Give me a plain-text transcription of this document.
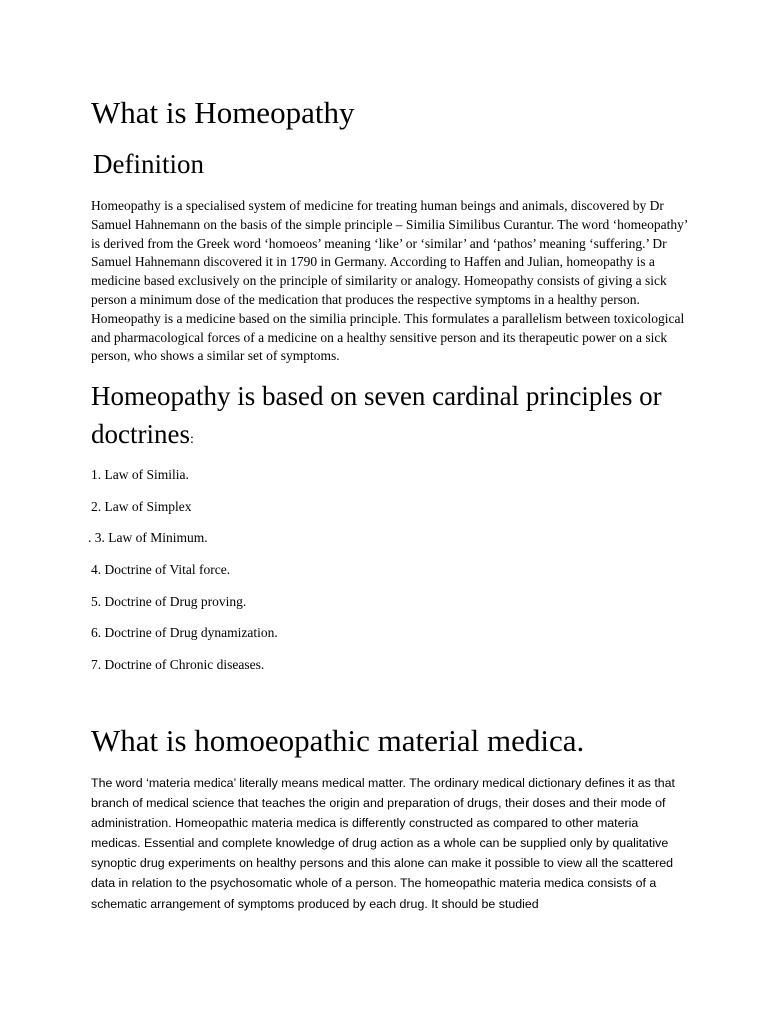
What is Homeopathy
Definition

Homeopathy is a specialised system of medicine for treating human beings and animals, discovered by Dr Samuel Hahnemann on the basis of the simple principle – Similia Similibus Curantur. The word ‘homeopathy’ is derived from the Greek word ‘homoeos’ meaning ‘like’ or ‘similar’ and ‘pathos’ meaning ‘suffering.’ Dr Samuel Hahnemann discovered it in 1790 in Germany. According to Haffen and Julian, homeopathy is a medicine based exclusively on the principle of similarity or analogy. Homeopathy consists of giving a sick person a minimum dose of the medication that produces the respective symptoms in a healthy person. Homeopathy is a medicine based on the similia principle. This formulates a parallelism between toxicological and pharmacological forces of a medicine on a healthy sensitive person and its therapeutic power on a sick person, who shows a similar set of symptoms.

Homeopathy is based on seven cardinal principles or doctrines:
1. Law of Similia.
2. Law of Simplex
. 3. Law of Minimum.
4. Doctrine of Vital force.
5. Doctrine of Drug proving.
6. Doctrine of Drug dynamization.
7. Doctrine of Chronic diseases.
What is homoeopathic material medica.

The word ‘materia medica’ literally means medical matter. The ordinary medical dictionary defines it as that branch of medical science that teaches the origin and preparation of drugs, their doses and their mode of administration. Homeopathic materia medica is differently constructed as compared to other materia medicas. Essential and complete knowledge of drug action as a whole can be supplied only by qualitative synoptic drug experiments on healthy persons and this alone can make it possible to view all the scattered data in relation to the psychosomatic whole of a person. The homeopathic materia medica consists of a schematic arrangement of symptoms produced by each drug. It should be studied
